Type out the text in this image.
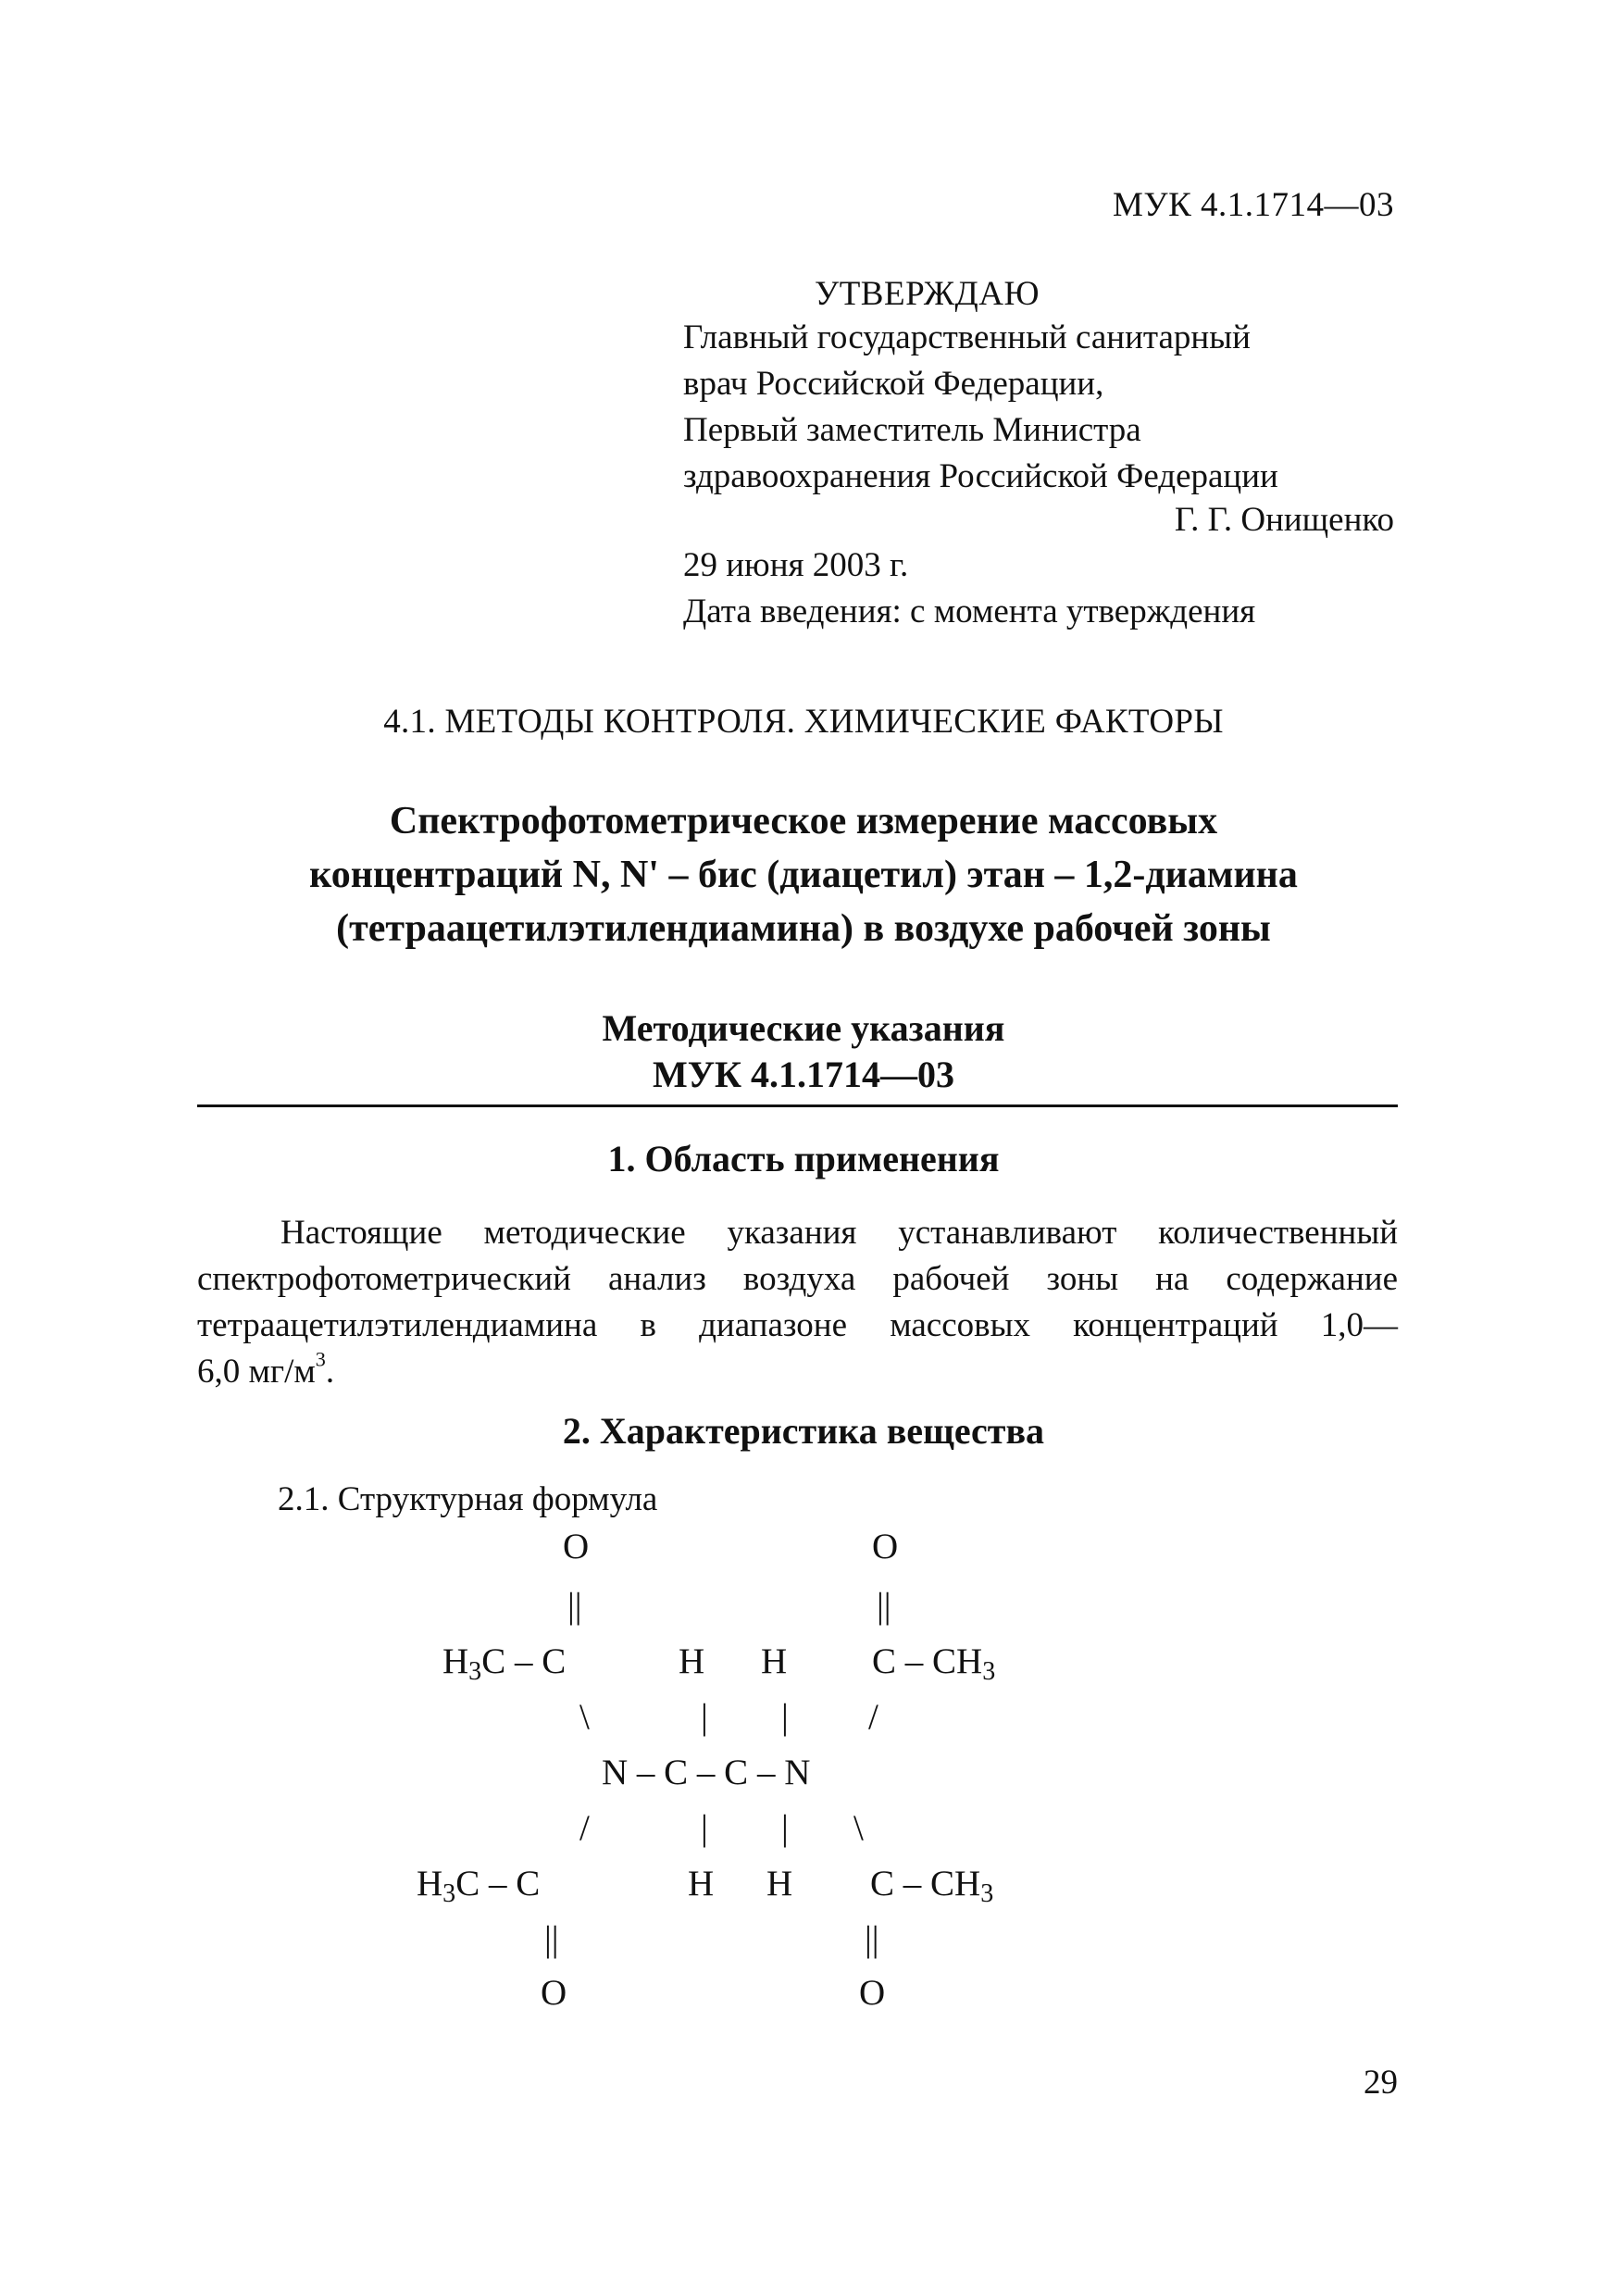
МУК 4.1.1714—03
УТВЕРЖДАЮ
Главный государственный санитарный
врач Российской Федерации,
Первый заместитель Министра
здравоохранения Российской Федерации
Г. Г. Онищенко
29 июня 2003 г.
Дата введения: с момента утверждения
4.1. МЕТОДЫ КОНТРОЛЯ. ХИМИЧЕСКИЕ ФАКТОРЫ
Спектрофотометрическое измерение массовых
концентраций N, N' – бис (диацетил) этан – 1,2-диамина
(тетраацетилэтилендиамина) в воздухе рабочей зоны
Методические указания
МУК 4.1.1714—03
1. Область применения
Настоящие методические указания устанавливают количественный
спектрофотометрический анализ воздуха рабочей зоны на содержание
тетраацетилэтилендиамина в диапазоне массовых концентраций 1,0—
6,0 $мг/м^3$.
2. Характеристика вещества
2.1. Структурная формула
O	O
||	||
$H_3C$ – C	H H C – $CH_3$
\	| | /
N – C – C – N
/	| | \
$H_3C$ – C	H H C – $CH_3$
||	||
O	O
29
